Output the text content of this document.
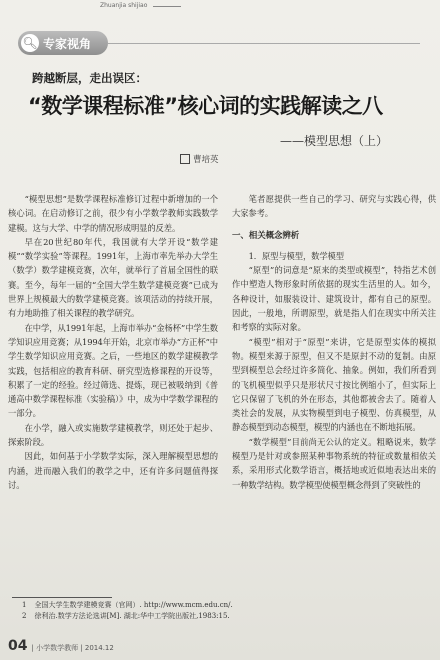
Zhuanjia shijiao
🔍︎ 专家视角
跨越断层，走出误区：
“数学课程标准”核心词的实践解读之八
——模型思想（上）
曹培英

“模型思想”是数学课程标准修订过程中新增加的一个核心词。在启动修订之前，很少有小学数学教师实践数学建模。这与大学、中学的情况形成明显的反差。

早在20世纪80年代，我国就有大学开设“数学建模”“数学实验”等课程。1991年，上海市率先举办大学生（数学）数学建模竞赛，次年，就举行了首届全国性的联赛。至今，每年一届的“全国大学生数学建模竞赛”已成为世界上规模最大的数学建模竞赛。该项活动的持续开展，有力地助推了相关课程的教学研究。

在中学，从1991年起，上海市举办“金杨杯”中学生数学知识应用竞赛；从1994年开始，北京市举办“方正杯”中学生数学知识应用竞赛。之后，一些地区的数学建模教学实践，包括相应的教育科研、研究型选修课程的开设等，积累了一定的经验。经过筛选、提炼，现已被吸纳到《普通高中数学课程标准（实验稿）》中，成为中学数学课程的一部分。

在小学，融入或实施数学建模教学，则还处于起步、探索阶段。

因此，如何基于小学数学实际，深入理解模型思想的内涵，进而融入我们的教学之中，还有许多问题值得探讨。

笔者愿提供一些自己的学习、研究与实践心得，供大家参考。

一、相关概念辨析

1．原型与模型，数学模型

“原型”的词意是“原来的类型或模型”，特指艺术创作中塑造人物形象时所依据的现实生活里的人。如今，各种设计，如服装设计、建筑设计，都有自己的原型。因此，一般地，所谓原型，就是指人们在现实中所关注和考察的实际对象。

“模型”相对于“原型”来讲，它是原型实体的模拟物。模型来源于原型，但又不是原封不动的复制。由原型到模型总会经过许多简化、抽象。例如，我们所看到的飞机模型似乎只是形状尺寸按比例缩小了，但实际上它只保留了飞机的外在形态，其他都被舍去了。随着人类社会的发展，从实物模型到电子模型、仿真模型，从静态模型到动态模型，模型的内涵也在不断地拓展。

“数学模型”目前尚无公认的定义。粗略说来，数学模型乃是针对或参照某种事物系统的特征或数量相依关系，采用形式化数学语言，概括地或近似地表达出来的一种数学结构。数学模型使模型概念得到了突破性的

1 全国大学生数学建模竞赛（官网）. http://www.mcm.edu.cn/.
2 徐利治.数学方法论选讲[M]. 湖北:华中工学院出版社,1983:15.
04 | 小学数学教师 | 2014.12
